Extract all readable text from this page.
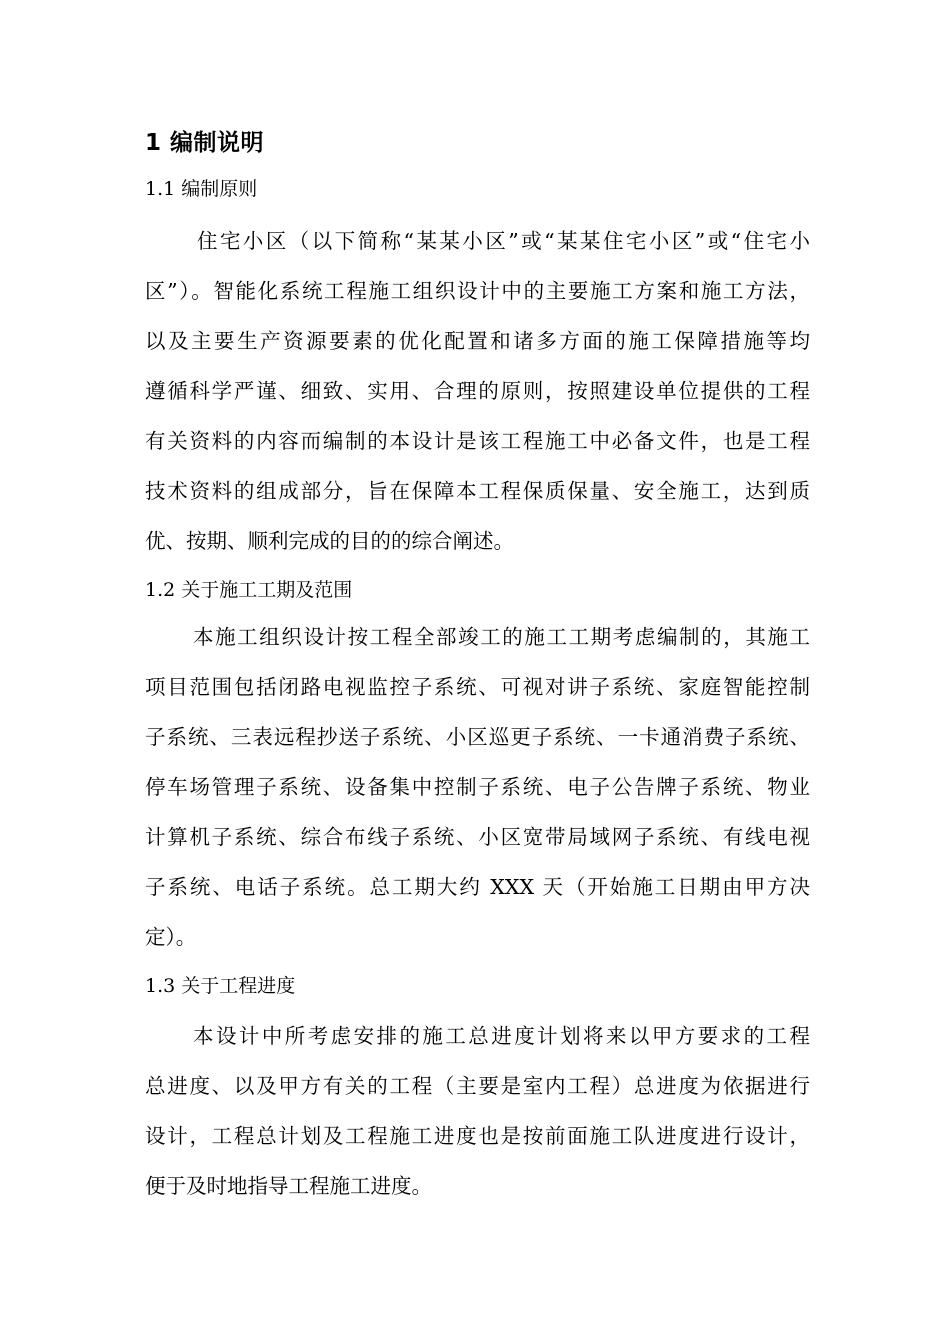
1 编制说明
1.1 编制原则
住宅小区（以下简称“某某小区”或“某某住宅小区”或“住宅小
区”）。智能化系统工程施工组织设计中的主要施工方案和施工方法，
以及主要生产资源要素的优化配置和诸多方面的施工保障措施等均
遵循科学严谨、细致、实用、合理的原则，按照建设单位提供的工程
有关资料的内容而编制的本设计是该工程施工中必备文件，也是工程
技术资料的组成部分，旨在保障本工程保质保量、安全施工，达到质
优、按期、顺利完成的目的的综合阐述。
1.2 关于施工工期及范围
本施工组织设计按工程全部竣工的施工工期考虑编制的，其施工
项目范围包括闭路电视监控子系统、可视对讲子系统、家庭智能控制
子系统、三表远程抄送子系统、小区巡更子系统、一卡通消费子系统、
停车场管理子系统、设备集中控制子系统、电子公告牌子系统、物业
计算机子系统、综合布线子系统、小区宽带局域网子系统、有线电视
子系统、电话子系统。总工期大约 XXX 天（开始施工日期由甲方决
定）。
1.3 关于工程进度
本设计中所考虑安排的施工总进度计划将来以甲方要求的工程
总进度、以及甲方有关的工程（主要是室内工程）总进度为依据进行
设计，工程总计划及工程施工进度也是按前面施工队进度进行设计，
便于及时地指导工程施工进度。
